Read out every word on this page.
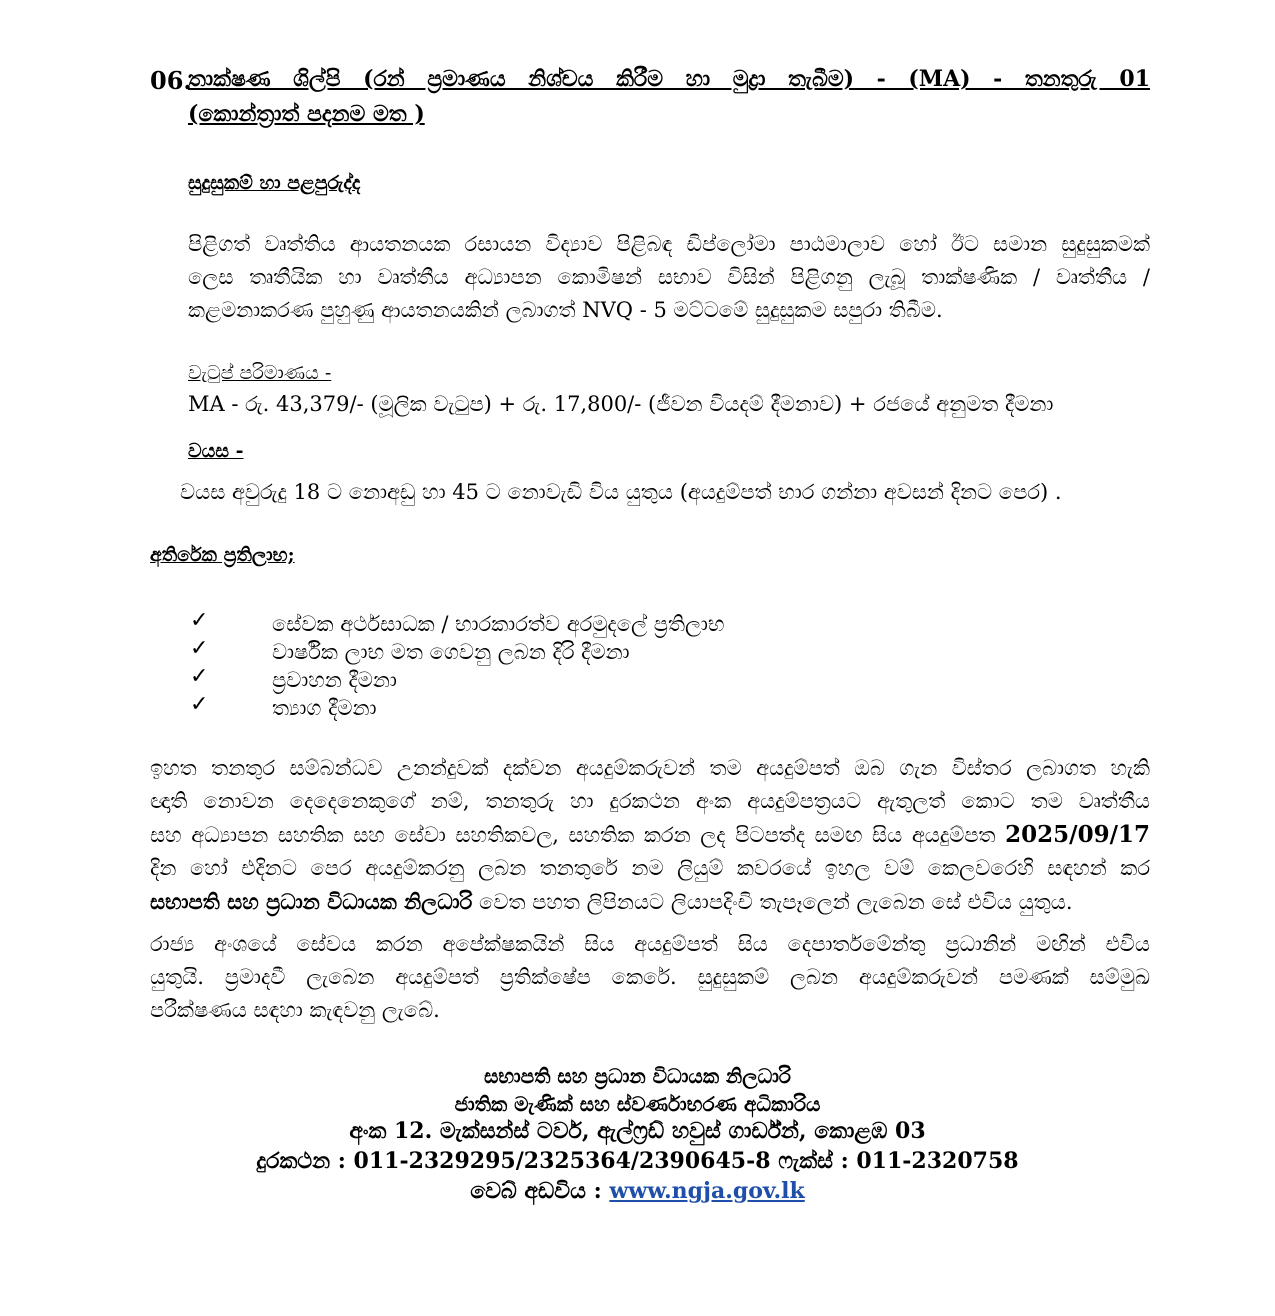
06.
තාක්ෂණ ශිල්පි (රන් ප්‍රමාණය නිශ්චය කිරීම හා මුද්‍රා තැබීම) - (MA) - තනතුරු 01
(කොන්ත්‍රාත් පදනම මත )
සුදුසුකම් හා පළපුරුද්ද
පිළිගත් වෘත්තිය ආයතනයක රසායන විද්‍යාව පිළිබඳ ඩිප්ලෝමා පාඨමාලාව හෝ ඊට සමාන සුදුසුකමක්
ලෙස තෘතීයික හා වෘත්තීය අධ්‍යාපන කොමිෂන් සභාව විසින් පිළිගනු ලැබූ තාක්ෂණික / වෘත්තීය /
කළමනාකරණ පුහුණු ආයතනයකින් ලබාගත් NVQ - 5 මට්ටමේ සුදුසුකම සපුරා තිබීම.
වැටුප් පරිමාණය -
MA - රු. 43,379/- (මූලික වැටුප) + රු. 17,800/- (ජීවන වියදම් දීමනාව) + රජයේ අනුමත දීමනා
වයස -
වයස අවුරුදු 18 ට නොඅඩු හා 45 ට නොවැඩි විය යුතුය (අයදුම්පත් භාර ගන්නා අවසන් දිනට පෙර) .
අතිරේක ප්‍රතිලාභ;
✓	සේවක අර්ථසාධක / භාරකාරත්ව අරමුදලේ ප්‍රතිලාභ
✓	වාර්ෂික ලාභ මත ගෙවනු ලබන දිරි දීමනා
✓	ප්‍රවාහන දීමනා
✓	ත්‍යාග දීමනා
ඉහත තනතුර සම්බන්ධව උනන්දුවක් දක්වන අයදුම්කරුවන් තම අයදුම්පත් ඔබ ගැන විස්තර ලබාගත හැකි
ඥාති නොවන දෙදෙනෙකුගේ නම්, තනතුරු හා දුරකථන අංක අයදුම්පත්‍රයට ඇතුලත් කොට තම වෘත්තීය
සහ අධ්‍යාපන සහතික සහ සේවා සහතිකවල, සහතික කරන ලද පිටපත්ද සමඟ සිය අයදුම්පත 2025/09/17
දින හෝ එදිනට පෙර අයදුම්කරනු ලබන තනතුරේ නම ලියුම් කවරයේ ඉහල වම් කෙලවරෙහි සඳහන් කර
සභාපති සහ ප්‍රධාන විධායක නිලධාරි වෙත පහත ලිපිනයට ලියාපදිංචි තැපෑලෙන් ලැබෙන සේ එවිය යුතුය.
රාජ්‍ය අංශයේ සේවය කරන අපේක්ෂකයින් සිය අයදුම්පත් සිය දෙපාර්තමේන්තු ප්‍රධානින් මඟින් එවිය
යුතුයි. ප්‍රමාදවී ලැබෙන අයදුම්පත් ප්‍රතික්ෂේප කෙරේ. සුදුසුකම් ලබන අයදුම්කරුවන් පමණක් සම්මුඛ
පරීක්ෂණය සඳහා කැඳවනු ලැබේ.
සභාපති සහ ප්‍රධාන විධායක නිලධාරි
ජාතික මැණික් සහ ස්වර්ණාභරණ අධිකාරිය
අංක 12. මැක්සන්ස් ටවර්, ඇල්ෆ්‍රඩ් හවුස් ගාර්ඩ්න්, කොළඹ 03
දුරකථන : 011-2329295/2325364/2390645-8 ෆැක්ස් : 011-2320758
වෙබ් අඩවිය : www.ngja.gov.lk
